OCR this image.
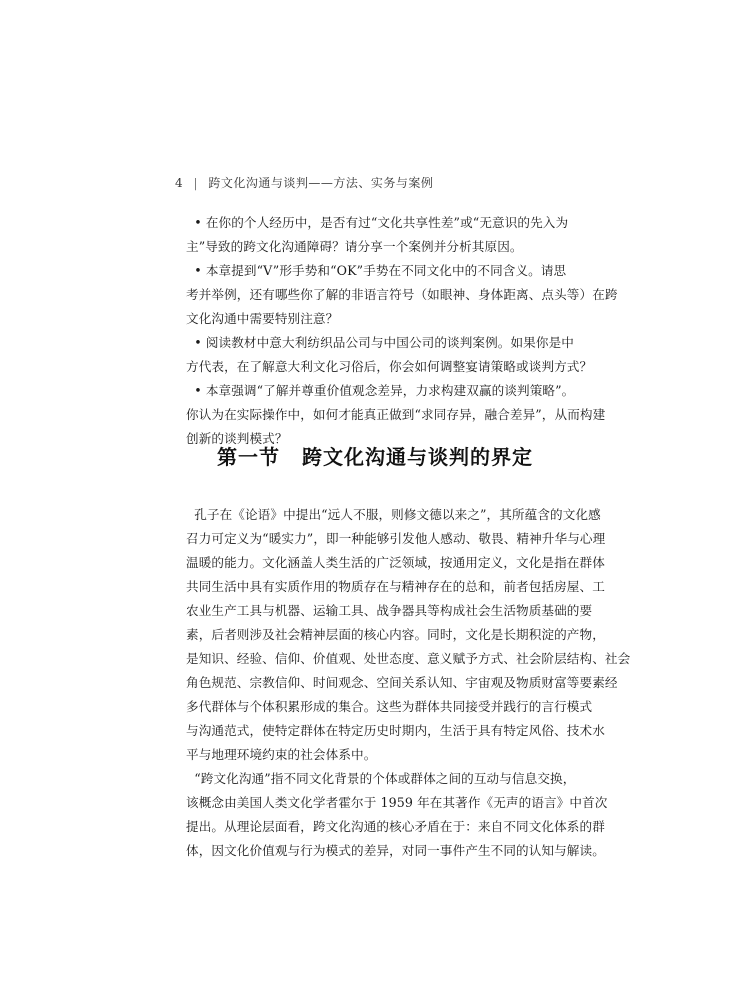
4 | 跨文化沟通与谈判——方法、实务与案例
• 在你的个人经历中，是否有过“文化共享性差”或“无意识的先入为
主”导致的跨文化沟通障碍？请分享一个案例并分析其原因。
• 本章提到“V”形手势和“OK”手势在不同文化中的不同含义。请思
考并举例，还有哪些你了解的非语言符号（如眼神、身体距离、点头等）在跨
文化沟通中需要特别注意？
• 阅读教材中意大利纺织品公司与中国公司的谈判案例。如果你是中
方代表，在了解意大利文化习俗后，你会如何调整宴请策略或谈判方式？
• 本章强调“了解并尊重价值观念差异，力求构建双赢的谈判策略”。
你认为在实际操作中，如何才能真正做到“求同存异，融合差异”，从而构建
创新的谈判模式？
第一节 跨文化沟通与谈判的界定
孔子在《论语》中提出“远人不服，则修文德以来之”，其所蕴含的文化感
召力可定义为“暖实力”，即一种能够引发他人感动、敬畏、精神升华与心理
温暖的能力。文化涵盖人类生活的广泛领域，按通用定义，文化是指在群体
共同生活中具有实质作用的物质存在与精神存在的总和，前者包括房屋、工
农业生产工具与机器、运输工具、战争器具等构成社会生活物质基础的要
素，后者则涉及社会精神层面的核心内容。同时，文化是长期积淀的产物，
是知识、经验、信仰、价值观、处世态度、意义赋予方式、社会阶层结构、社会
角色规范、宗教信仰、时间观念、空间关系认知、宇宙观及物质财富等要素经
多代群体与个体积累形成的集合。这些为群体共同接受并践行的言行模式
与沟通范式，使特定群体在特定历史时期内，生活于具有特定风俗、技术水
平与地理环境约束的社会体系中。
“跨文化沟通”指不同文化背景的个体或群体之间的互动与信息交换，
该概念由美国人类文化学者霍尔于 1959 年在其著作《无声的语言》中首次
提出。从理论层面看，跨文化沟通的核心矛盾在于：来自不同文化体系的群
体，因文化价值观与行为模式的差异，对同一事件产生不同的认知与解读。
